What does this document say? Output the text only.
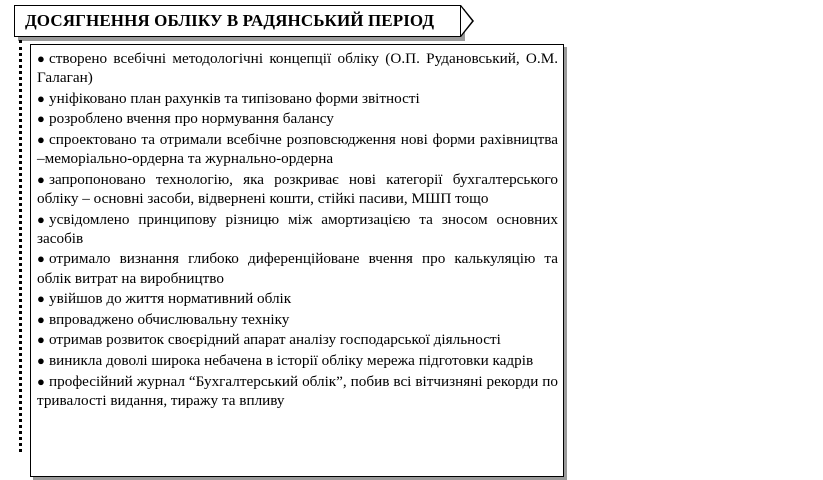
ДОСЯГНЕННЯ ОБЛІКУ В РАДЯНСЬКИЙ ПЕРІОД
● створено всебічні методологічні концепції обліку (О.П. Рудановський, О.М. Галаган)
● уніфіковано план рахунків та типізовано форми звітності
● розроблено вчення про нормування балансу
● спроектовано та отримали всебічне розповсюдження нові форми рахівництва –меморіально-ордерна та журнально-ордерна
● запропоновано технологію, яка розкриває нові категорії бухгалтерського обліку – основні засоби, відвернені кошти, стійкі пасиви, МШП тощо
● усвідомлено принципову різницю між амортизацією та зносом основних засобів
● отримало визнання глибоко диференційоване вчення про калькуляцію та облік витрат на виробництво
● увійшов до життя нормативний облік
● впроваджено обчислювальну техніку
● отримав розвиток своєрідний апарат аналізу господарської діяльності
● виникла доволі широка небачена в історії обліку мережа підготовки кадрів
● професійний журнал “Бухгалтерський облік”, побив всі вітчизняні рекорди по тривалості видання, тиражу та впливу
